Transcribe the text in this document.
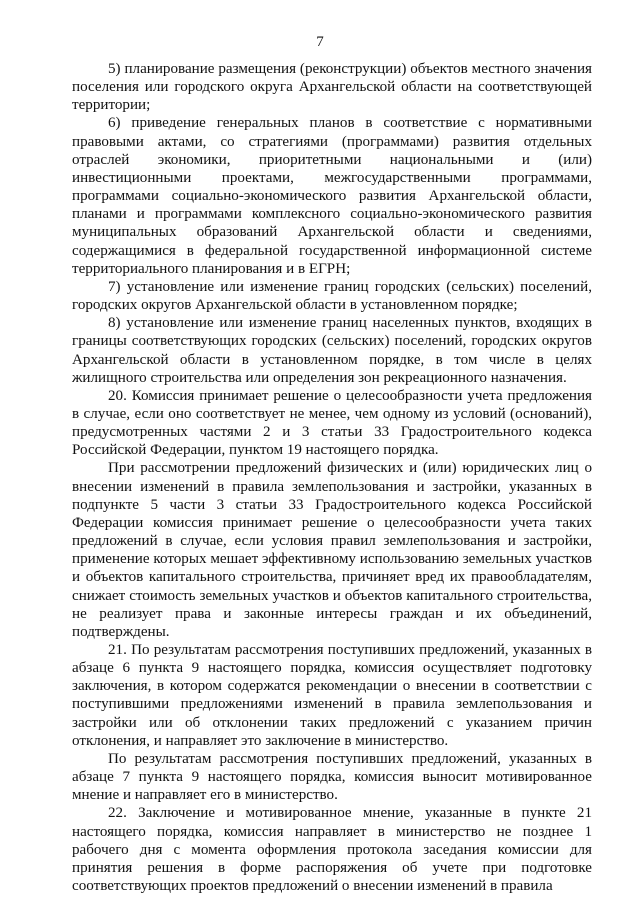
7

5) планирование размещения (реконструкции) объектов местного значения поселения или городского округа Архангельской области на соответствующей территории;

6) приведение генеральных планов в соответствие с нормативными правовыми актами, со стратегиями (программами) развития отдельных отраслей экономики, приоритетными национальными и (или) инвестиционными проектами, межгосударственными программами, программами социально-экономического развития Архангельской области, планами и программами комплексного социально-экономического развития муниципальных образований Архангельской области и сведениями, содержащимися в федеральной государственной информационной системе территориального планирования и в ЕГРН;

7) установление или изменение границ городских (сельских) поселений, городских округов Архангельской области в установленном порядке;

8) установление или изменение границ населенных пунктов, входящих в границы соответствующих городских (сельских) поселений, городских округов Архангельской области в установленном порядке, в том числе в целях жилищного строительства или определения зон рекреационного назначения.

20. Комиссия принимает решение о целесообразности учета предложения в случае, если оно соответствует не менее, чем одному из условий (оснований), предусмотренных частями 2 и 3 статьи 33 Градостроительного кодекса Российской Федерации, пунктом 19 настоящего порядка.

При рассмотрении предложений физических и (или) юридических лиц о внесении изменений в правила землепользования и застройки, указанных в подпункте 5 части 3 статьи 33 Градостроительного кодекса Российской Федерации комиссия принимает решение о целесообразности учета таких предложений в случае, если условия правил землепользования и застройки, применение которых мешает эффективному использованию земельных участков и объектов капитального строительства, причиняет вред их правообладателям, снижает стоимость земельных участков и объектов капитального строительства, не реализует права и законные интересы граждан и их объединений, подтверждены.

21. По результатам рассмотрения поступивших предложений, указанных в абзаце 6 пункта 9 настоящего порядка, комиссия осуществляет подготовку заключения, в котором содержатся рекомендации о внесении в соответствии с поступившими предложениями изменений в правила землепользования и застройки или об отклонении таких предложений с указанием причин отклонения, и направляет это заключение в министерство.

По результатам рассмотрения поступивших предложений, указанных в абзаце 7 пункта 9 настоящего порядка, комиссия выносит мотивированное мнение и направляет его в министерство.

22. Заключение и мотивированное мнение, указанные в пункте 21 настоящего порядка, комиссия направляет в министерство не позднее 1 рабочего дня с момента оформления протокола заседания комиссии для принятия решения в форме распоряжения об учете при подготовке соответствующих проектов предложений о внесении изменений в правила
